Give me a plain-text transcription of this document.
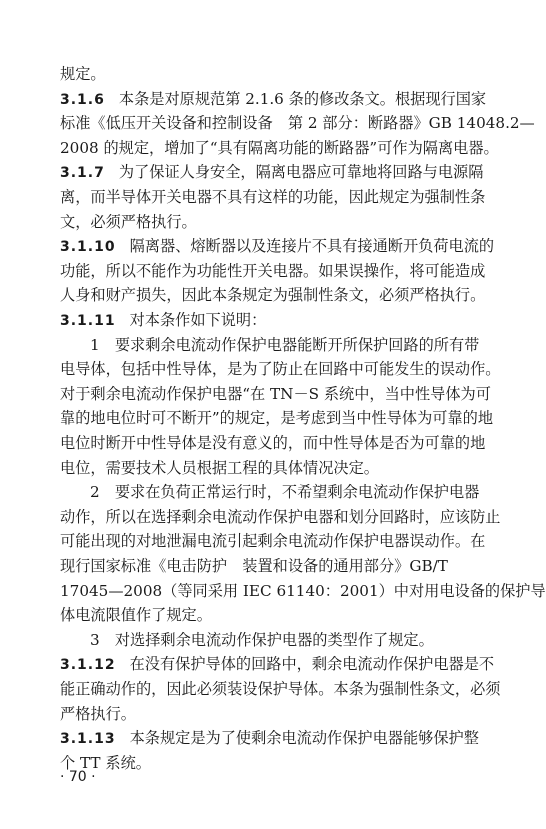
规定。
3.1.6 本条是对原规范第 2.1.6 条的修改条文。根据现行国家
标准《低压开关设备和控制设备　第 2 部分：断路器》GB 14048.2—
2008 的规定，增加了“具有隔离功能的断路器”可作为隔离电器。
3.1.7 为了保证人身安全，隔离电器应可靠地将回路与电源隔
离，而半导体开关电器不具有这样的功能，因此规定为强制性条
文，必须严格执行。
3.1.10 隔离器、熔断器以及连接片不具有接通断开负荷电流的
功能，所以不能作为功能性开关电器。如果误操作，将可能造成
人身和财产损失，因此本条规定为强制性条文，必须严格执行。
3.1.11 对本条作如下说明：
1　要求剩余电流动作保护电器能断开所保护回路的所有带
电导体，包括中性导体，是为了防止在回路中可能发生的误动作。
对于剩余电流动作保护电器“在 TN－S 系统中，当中性导体为可
靠的地电位时可不断开”的规定，是考虑到当中性导体为可靠的地
电位时断开中性导体是没有意义的，而中性导体是否为可靠的地
电位，需要技术人员根据工程的具体情况决定。
2　要求在负荷正常运行时，不希望剩余电流动作保护电器
动作，所以在选择剩余电流动作保护电器和划分回路时，应该防止
可能出现的对地泄漏电流引起剩余电流动作保护电器误动作。在
现行国家标准《电击防护　装置和设备的通用部分》GB/T
17045—2008（等同采用 IEC 61140：2001）中对用电设备的保护导
体电流限值作了规定。
3　对选择剩余电流动作保护电器的类型作了规定。
3.1.12 在没有保护导体的回路中，剩余电流动作保护电器是不
能正确动作的，因此必须装设保护导体。本条为强制性条文，必须
严格执行。
3.1.13 本条规定是为了使剩余电流动作保护电器能够保护整
个 TT 系统。
· 70 ·
